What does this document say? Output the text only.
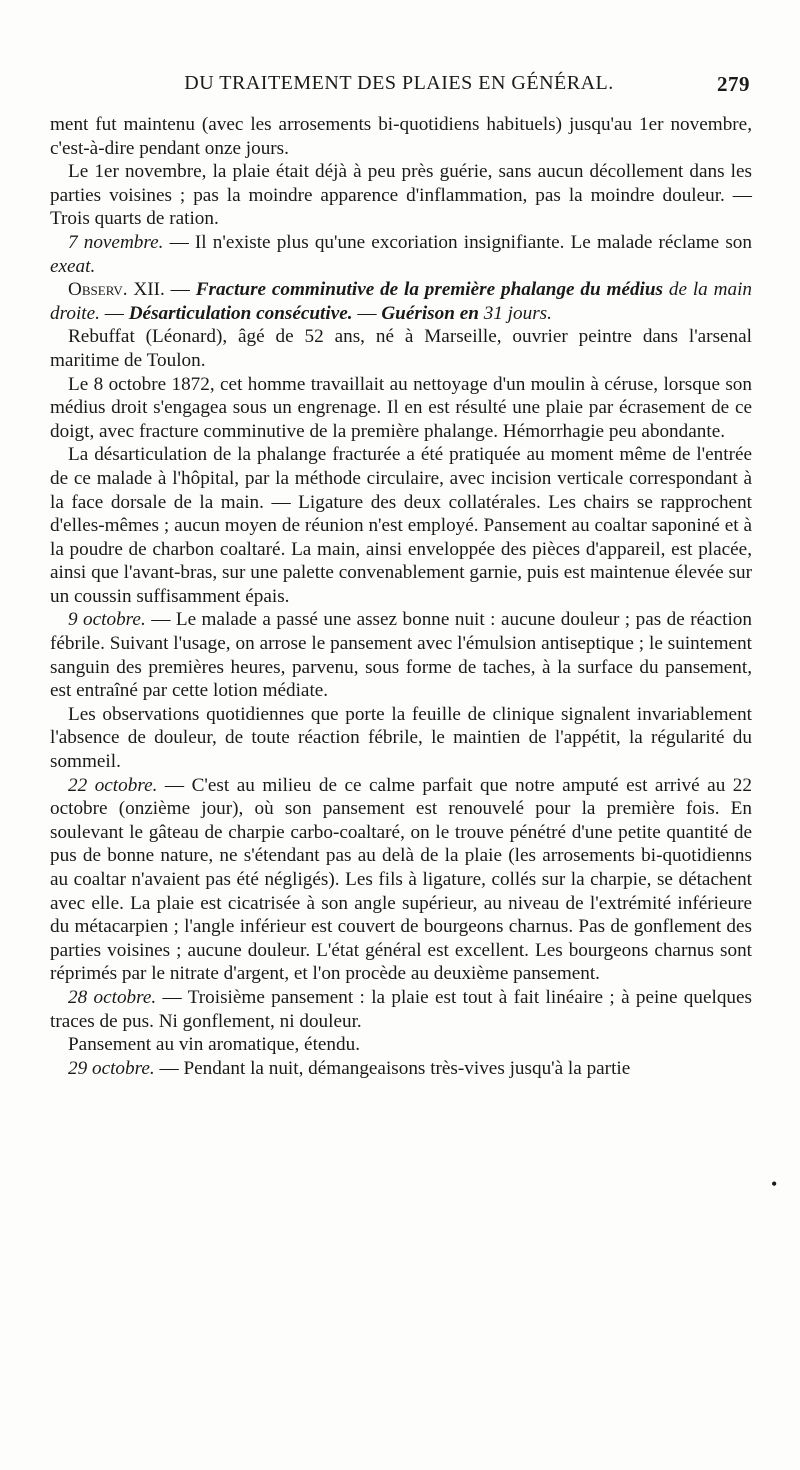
DU TRAITEMENT DES PLAIES EN GÉNÉRAL.	279

ment fut maintenu (avec les arrosements bi-quotidiens habituels) jusqu'au 1er novembre, c'est-à-dire pendant onze jours.

Le 1er novembre, la plaie était déjà à peu près guérie, sans aucun décollement dans les parties voisines ; pas la moindre apparence d'inflammation, pas la moindre douleur. — Trois quarts de ration.

7 novembre. — Il n'existe plus qu'une excoriation insignifiante. Le malade réclame son exeat.

Observ. XII. — Fracture comminutive de la première phalange du médius de la main droite. — Désarticulation consécutive. — Guérison en 31 jours.

Rebuffat (Léonard), âgé de 52 ans, né à Marseille, ouvrier peintre dans l'arsenal maritime de Toulon.

Le 8 octobre 1872, cet homme travaillait au nettoyage d'un moulin à céruse, lorsque son médius droit s'engagea sous un engrenage. Il en est résulté une plaie par écrasement de ce doigt, avec fracture comminutive de la première phalange. Hémorrhagie peu abondante.

La désarticulation de la phalange fracturée a été pratiquée au moment même de l'entrée de ce malade à l'hôpital, par la méthode circulaire, avec incision verticale correspondant à la face dorsale de la main. — Ligature des deux collatérales. Les chairs se rapprochent d'elles-mêmes ; aucun moyen de réunion n'est employé. Pansement au coaltar saponiné et à la poudre de charbon coaltaré. La main, ainsi enveloppée des pièces d'appareil, est placée, ainsi que l'avant-bras, sur une palette convenablement garnie, puis est maintenue élevée sur un coussin suffisamment épais.

9 octobre. — Le malade a passé une assez bonne nuit : aucune douleur ; pas de réaction fébrile. Suivant l'usage, on arrose le pansement avec l'émulsion antiseptique ; le suintement sanguin des premières heures, parvenu, sous forme de taches, à la surface du pansement, est entraîné par cette lotion médiate.

Les observations quotidiennes que porte la feuille de clinique signalent invariablement l'absence de douleur, de toute réaction fébrile, le maintien de l'appétit, la régularité du sommeil.

22 octobre. — C'est au milieu de ce calme parfait que notre amputé est arrivé au 22 octobre (onzième jour), où son pansement est renouvelé pour la première fois. En soulevant le gâteau de charpie carbo-coaltaré, on le trouve pénétré d'une petite quantité de pus de bonne nature, ne s'étendant pas au delà de la plaie (les arrosements bi-quotidienns au coaltar n'avaient pas été négligés). Les fils à ligature, collés sur la charpie, se détachent avec elle. La plaie est cicatrisée à son angle supérieur, au niveau de l'extrémité inférieure du métacarpien ; l'angle inférieur est couvert de bourgeons charnus. Pas de gonflement des parties voisines ; aucune douleur. L'état général est excellent. Les bourgeons charnus sont réprimés par le nitrate d'argent, et l'on procède au deuxième pansement.

28 octobre. — Troisième pansement : la plaie est tout à fait linéaire ; à peine quelques traces de pus. Ni gonflement, ni douleur.

Pansement au vin aromatique, étendu.

29 octobre. — Pendant la nuit, démangeaisons très-vives jusqu'à la partie

•
